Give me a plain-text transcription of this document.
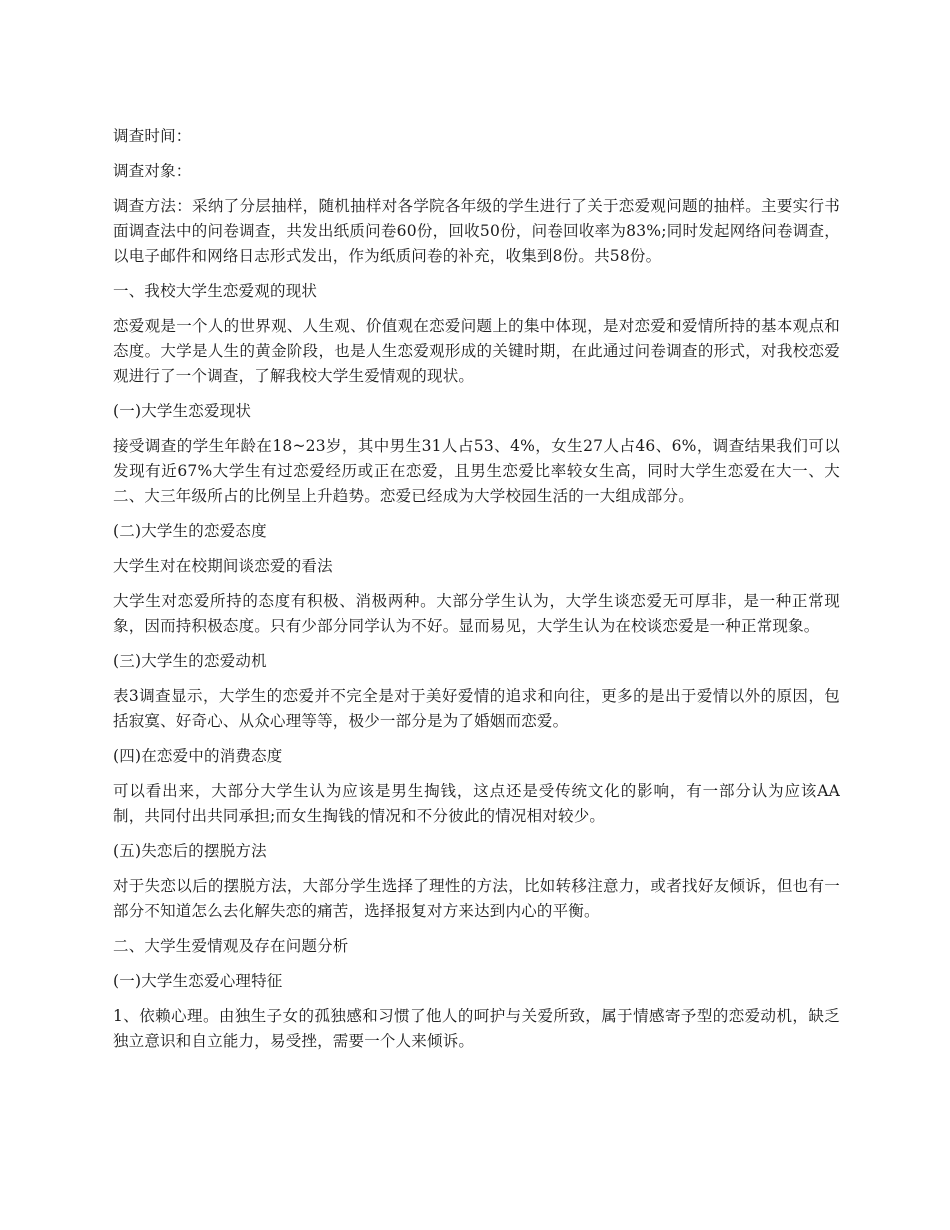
调查时间：

调查对象：

调查方法：采纳了分层抽样，随机抽样对各学院各年级的学生进行了关于恋爱观问题的抽样。主要实行书面调查法中的问卷调查，共发出纸质问卷60份，回收50份，问卷回收率为83%;同时发起网络问卷调查，以电子邮件和网络日志形式发出，作为纸质问卷的补充，收集到8份。共58份。

一、我校大学生恋爱观的现状

恋爱观是一个人的世界观、人生观、价值观在恋爱问题上的集中体现，是对恋爱和爱情所持的基本观点和态度。大学是人生的黄金阶段，也是人生恋爱观形成的关键时期，在此通过问卷调查的形式，对我校恋爱观进行了一个调查，了解我校大学生爱情观的现状。

(一)大学生恋爱现状

接受调查的学生年龄在18~23岁，其中男生31人占53、4%，女生27人占46、6%，调查结果我们可以发现有近67%大学生有过恋爱经历或正在恋爱，且男生恋爱比率较女生高，同时大学生恋爱在大一、大二、大三年级所占的比例呈上升趋势。恋爱已经成为大学校园生活的一大组成部分。

(二)大学生的恋爱态度

大学生对在校期间谈恋爱的看法

大学生对恋爱所持的态度有积极、消极两种。大部分学生认为，大学生谈恋爱无可厚非，是一种正常现象，因而持积极态度。只有少部分同学认为不好。显而易见，大学生认为在校谈恋爱是一种正常现象。

(三)大学生的恋爱动机

表3调查显示，大学生的恋爱并不完全是对于美好爱情的追求和向往，更多的是出于爱情以外的原因，包括寂寞、好奇心、从众心理等等，极少一部分是为了婚姻而恋爱。

(四)在恋爱中的消费态度

可以看出来，大部分大学生认为应该是男生掏钱，这点还是受传统文化的影响，有一部分认为应该AA制，共同付出共同承担;而女生掏钱的情况和不分彼此的情况相对较少。

(五)失恋后的摆脱方法

对于失恋以后的摆脱方法，大部分学生选择了理性的方法，比如转移注意力，或者找好友倾诉，但也有一部分不知道怎么去化解失恋的痛苦，选择报复对方来达到内心的平衡。

二、大学生爱情观及存在问题分析

(一)大学生恋爱心理特征

1、依赖心理。由独生子女的孤独感和习惯了他人的呵护与关爱所致，属于情感寄予型的恋爱动机，缺乏独立意识和自立能力，易受挫，需要一个人来倾诉。
